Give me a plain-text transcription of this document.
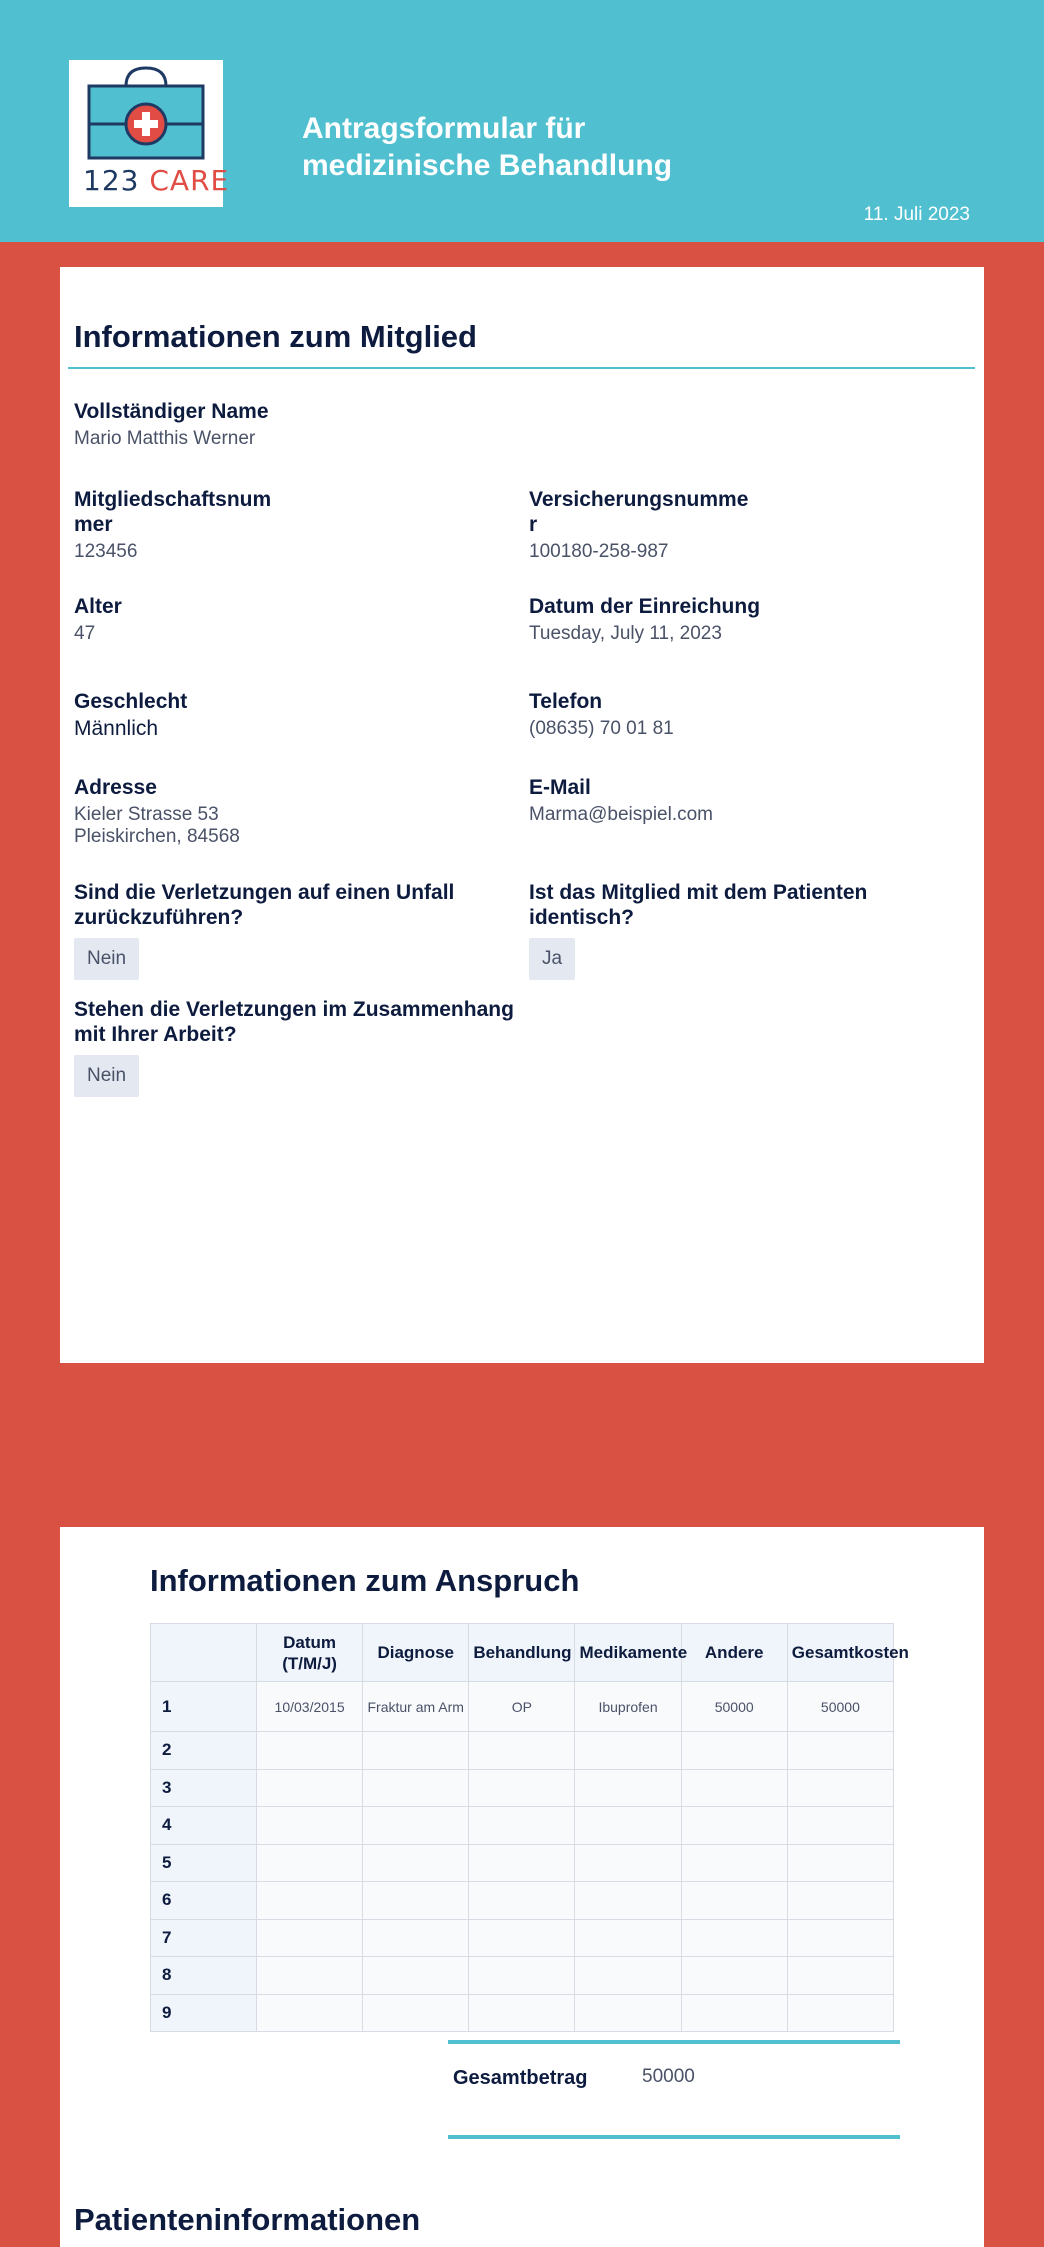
123 CARE
Antragsformular für medizinische Behandlung
11. Juli 2023
Informationen zum Mitglied
Vollständiger Name
Mario Matthis Werner
Mitgliedschaftsnummer
123456
Versicherungsnummer
100180-258-987
Alter
47
Datum der Einreichung
Tuesday, July 11, 2023
Geschlecht
Männlich
Telefon
(08635) 70 01 81
Adresse
Kieler Strasse 53
Pleiskirchen, 84568
E-Mail
Marma@beispiel.com
Sind die Verletzungen auf einen Unfall zurückzuführen?
Nein
Ist das Mitglied mit dem Patienten identisch?
Ja
Stehen die Verletzungen im Zusammenhang mit Ihrer Arbeit?
Nein
Informationen zum Anspruch
	Datum (T/M/J)	Diagnose	Behandlung	Medikamente	Andere	Gesamtkosten
1	10/03/2015	Fraktur am Arm	OP	Ibuprofen	50000	50000
2						
3						
4						
5						
6						
7						
8						
9						
Gesamtbetrag	50000
Patienteninformationen
